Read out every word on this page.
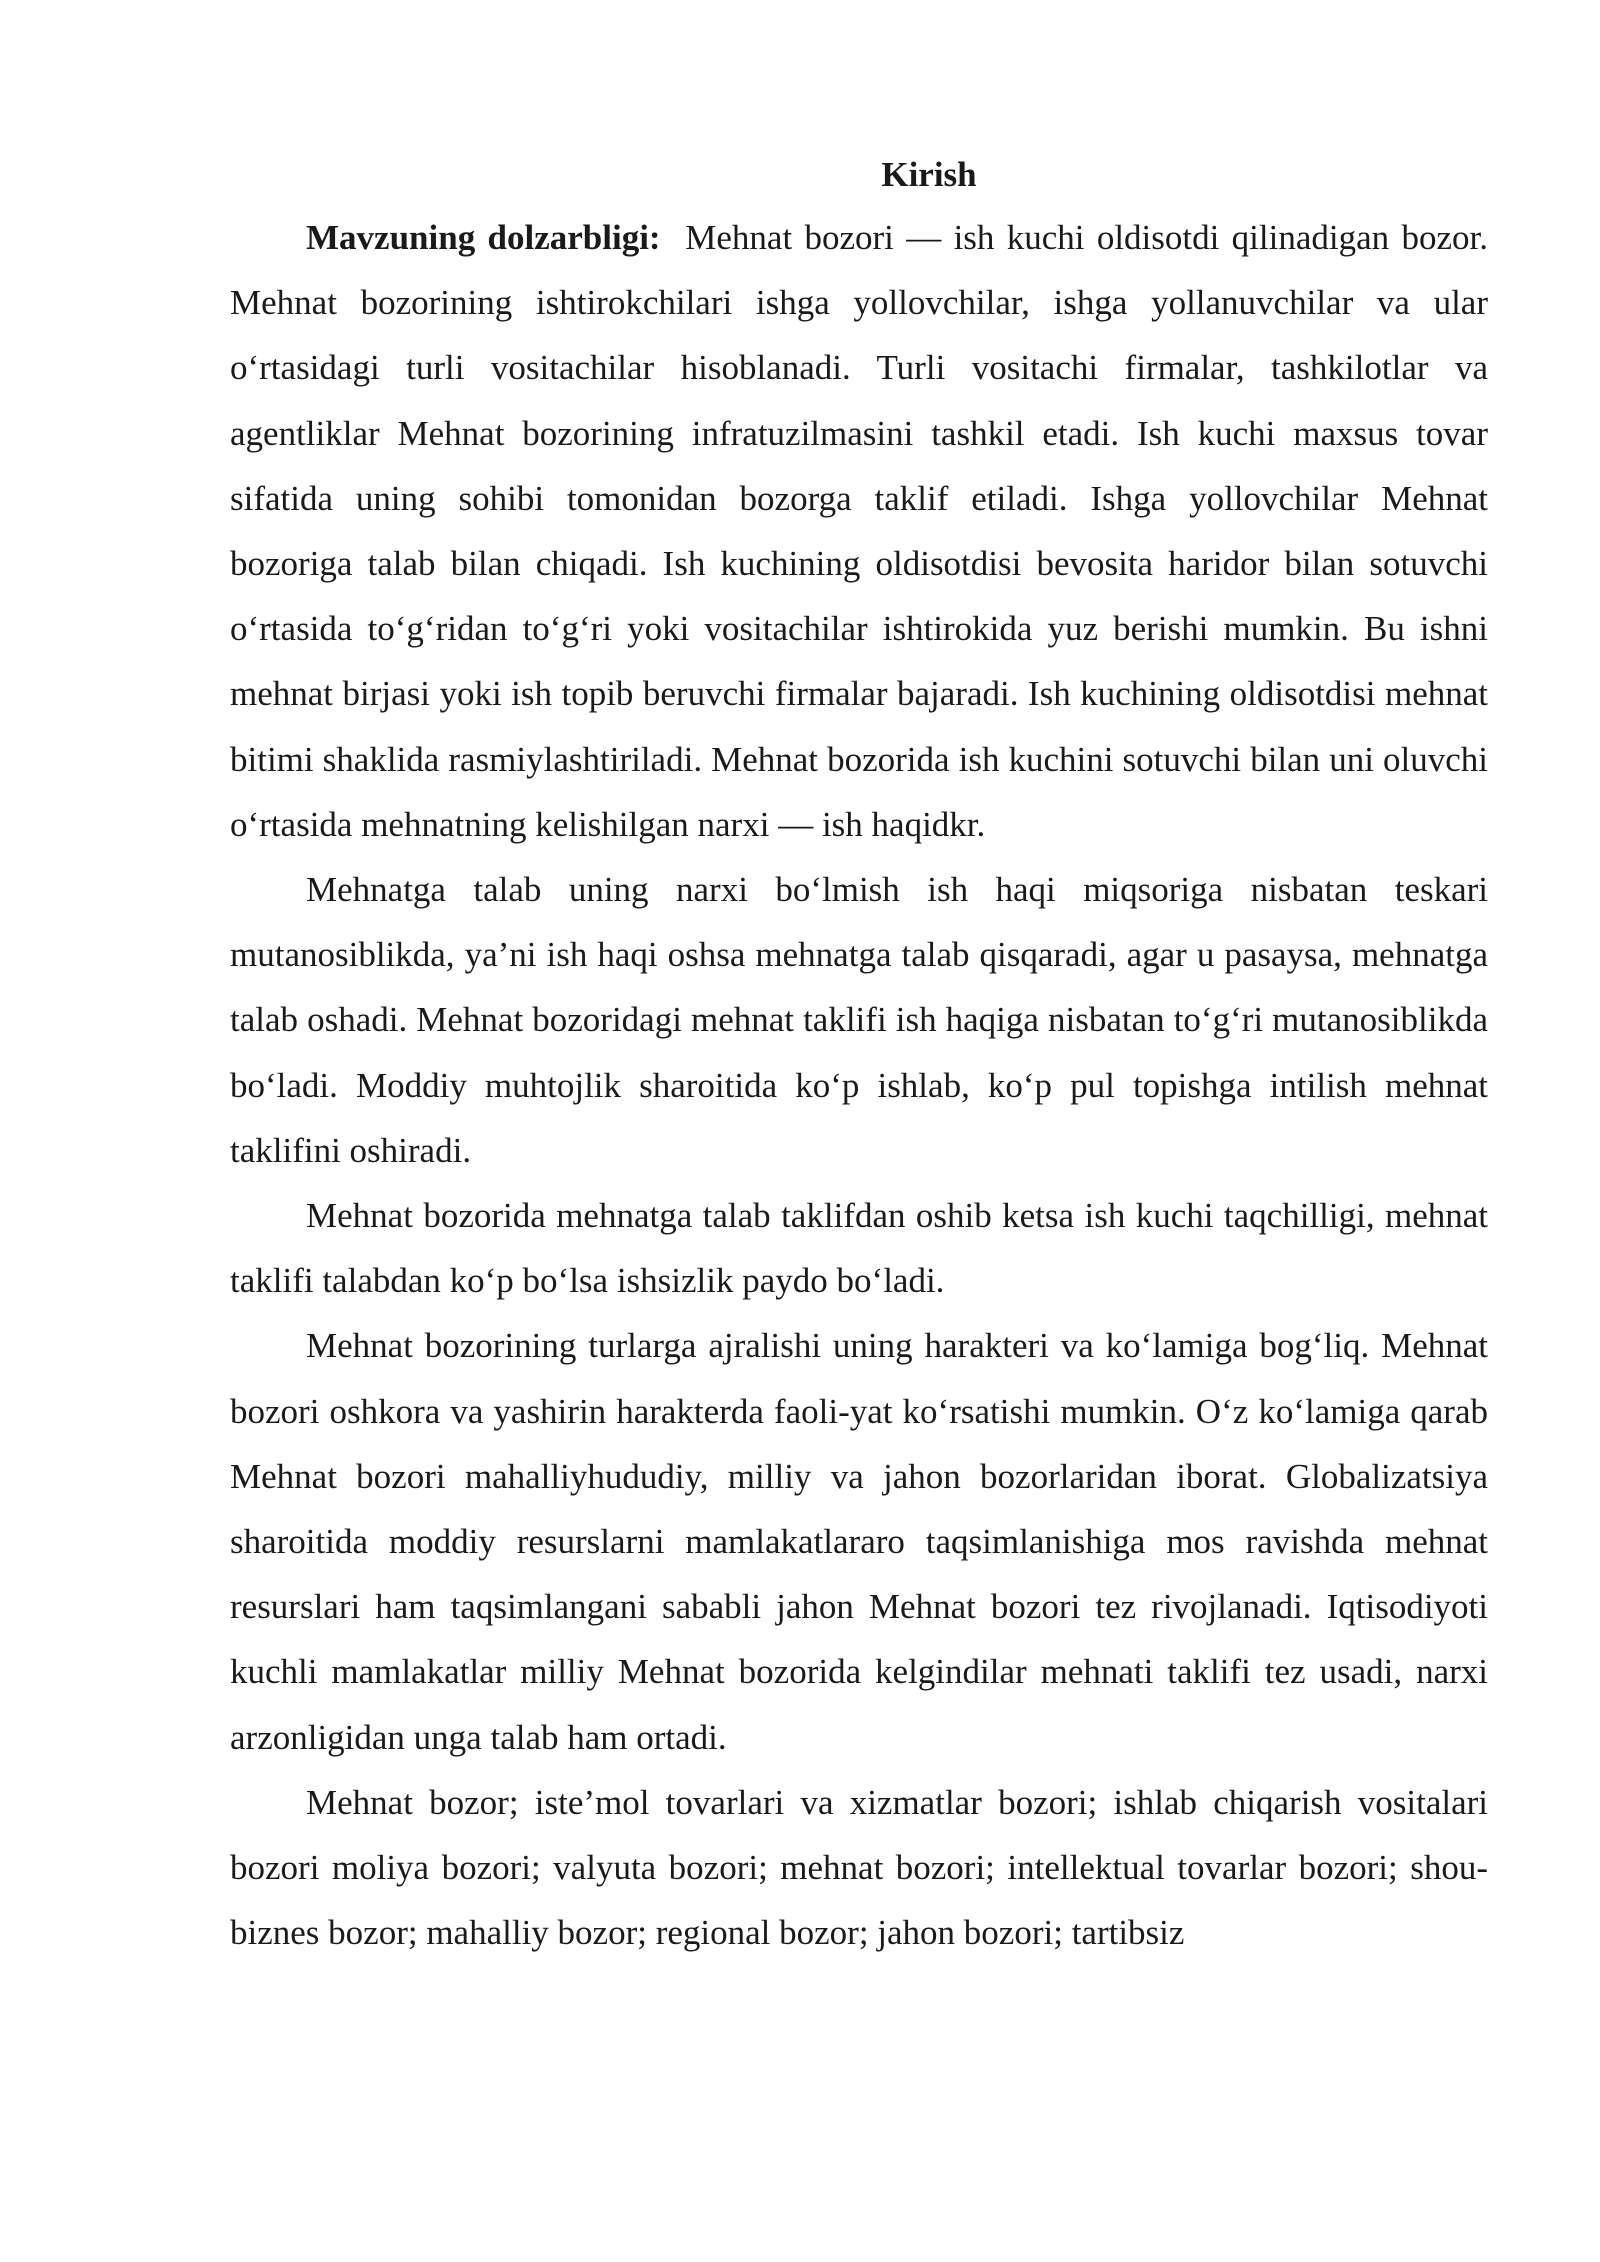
Kirish

Mavzuning dolzarbligi: Mehnat bozori — ish kuchi oldisotdi qilinadigan bozor. Mehnat bozorining ishtirokchilari ishga yollovchilar, ishga yollanuvchilar va ular o‘rtasidagi turli vositachilar hisoblanadi. Turli vositachi firmalar, tashkilotlar va agentliklar Mehnat bozorining infratuzilmasini tashkil etadi. Ish kuchi maxsus tovar sifatida uning sohibi tomonidan bozorga taklif etiladi. Ishga yollovchilar Mehnat bozoriga talab bilan chiqadi. Ish kuchining oldisotdisi bevosita haridor bilan sotuvchi o‘rtasida to‘g‘ridan to‘g‘ri yoki vositachilar ishtirokida yuz berishi mumkin. Bu ishni mehnat birjasi yoki ish topib beruvchi firmalar bajaradi. Ish kuchining oldisotdisi mehnat bitimi shaklida rasmiylashtiriladi. Mehnat bozorida ish kuchini sotuvchi bilan uni oluvchi o‘rtasida mehnatning kelishilgan narxi — ish haqidkr.

Mehnatga talab uning narxi bo‘lmish ish haqi miqsoriga nisbatan teskari mutanosiblikda, ya’ni ish haqi oshsa mehnatga talab qisqaradi, agar u pasaysa, mehnatga talab oshadi. Mehnat bozoridagi mehnat taklifi ish haqiga nisbatan to‘g‘ri mutanosiblikda bo‘ladi. Moddiy muhtojlik sharoitida ko‘p ishlab, ko‘p pul topishga intilish mehnat taklifini oshiradi.

Mehnat bozorida mehnatga talab taklifdan oshib ketsa ish kuchi taqchilligi, mehnat taklifi talabdan ko‘p bo‘lsa ishsizlik paydo bo‘ladi.

Mehnat bozorining turlarga ajralishi uning harakteri va ko‘lamiga bog‘liq. Mehnat bozori oshkora va yashirin harakterda faoli-yat ko‘rsatishi mumkin. O‘z ko‘lamiga qarab Mehnat bozori mahalliyhududiy, milliy va jahon bozorlaridan iborat. Globalizatsiya sharoitida moddiy resurslarni mamlakatlararo taqsimlanishiga mos ravishda mehnat resurslari ham taqsimlangani sababli jahon Mehnat bozori tez rivojlanadi. Iqtisodiyoti kuchli mamlakatlar milliy Mehnat bozorida kelgindilar mehnati taklifi tez usadi, narxi arzonligidan unga talab ham ortadi.

Mehnat bozor; iste’mol tovarlari va xizmatlar bozori; ishlab chiqarish vositalari bozori moliya bozori; valyuta bozori; mehnat bozori; intellektual tovarlar bozori; shou-biznes bozor; mahalliy bozor; regional bozor; jahon bozori; tartibsiz
